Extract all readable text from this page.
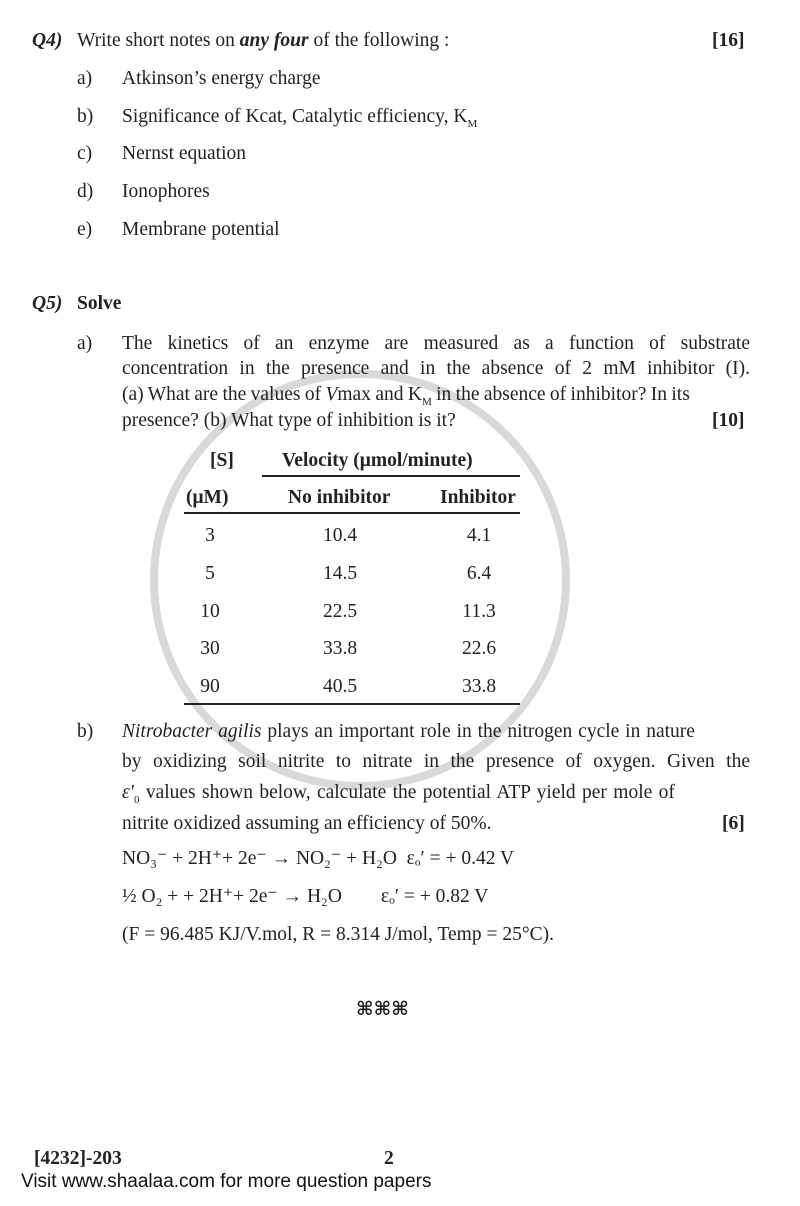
Q4) Write short notes on any four of the following :	[16]
a) Atkinson’s energy charge
b) Significance of Kcat, Catalytic efficiency, $K_M$
c) Nernst equation
d) Ionophores
e) Membrane potential
Q5) Solve
a) The kinetics of an enzyme are measured as a function of substrate
concentration in the presence and in the absence of 2 mM inhibitor (I).
(a) What are the values of Vmax and $K_M$ in the absence of inhibitor? In its
presence? (b) What type of inhibition is it?	[10]
[S] Velocity (μmol/minute)
(μM)	No inhibitor	Inhibitor
3	10.4	4.1
5	14.5	6.4
10	22.5	11.3
30	33.8	22.6
90	40.5	33.8
b) Nitrobacter agilis plays an important role in the nitrogen cycle in nature
by oxidizing soil nitrite to nitrate in the presence of oxygen. Given the
$\varepsilon'_0$ values shown below, calculate the potential ATP yield per mole of
nitrite oxidized assuming an efficiency of 50%.	[6]
NO₃⁻ + 2H⁺+ 2e⁻ → NO₂⁻ + H₂O  εₒ′ = + 0.42 V
½ O₂ + + 2H⁺+ 2e⁻ → H₂O        εₒ′ = + 0.82 V
(F = 96.485 KJ/V.mol, R = 8.314 J/mol, Temp = 25°C).
⌘⌘⌘
[4232]-203	2
Visit www.shaalaa.com for more question papers
